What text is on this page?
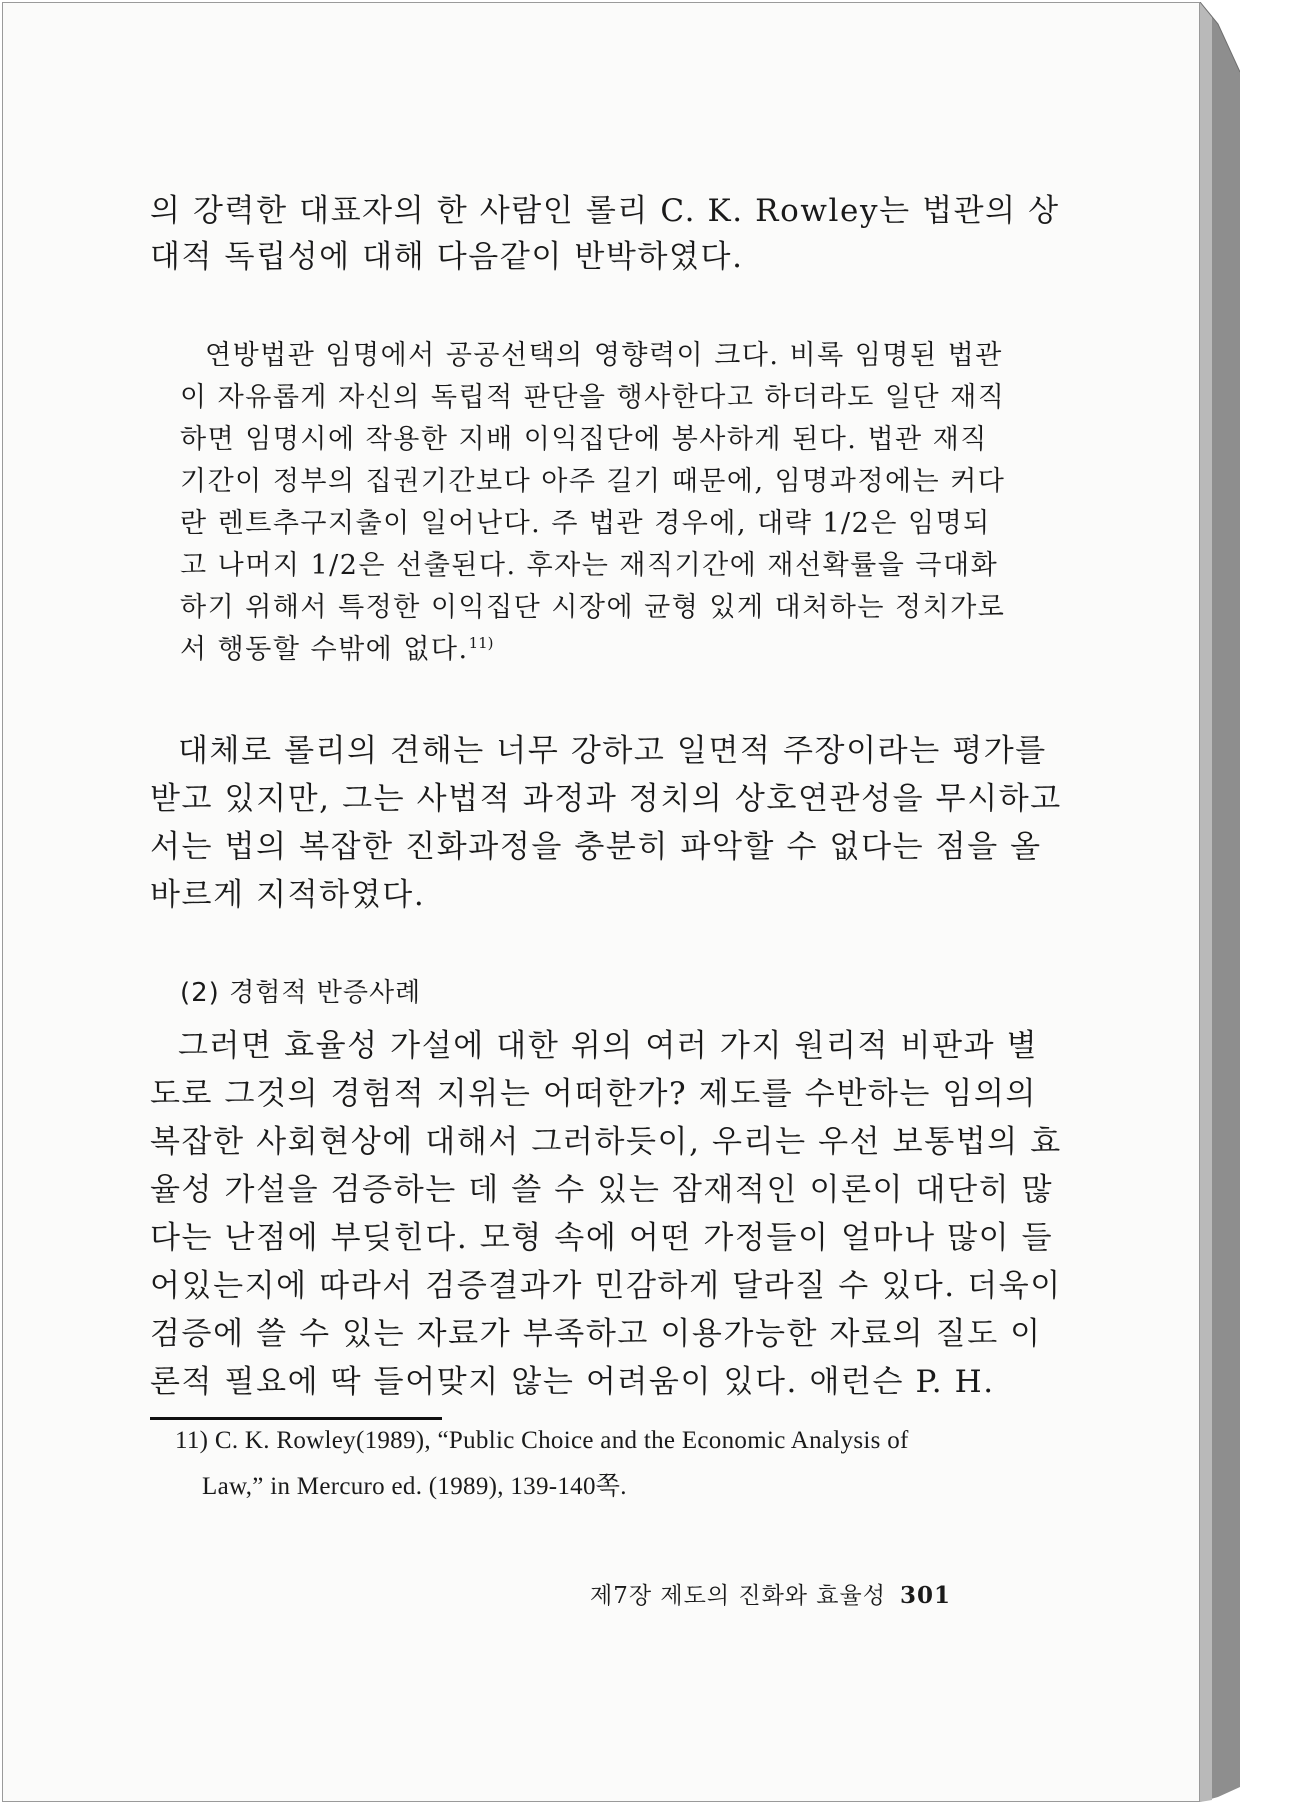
의 강력한 대표자의 한 사람인 롤리 C. K. Rowley는 법관의 상

대적 독립성에 대해 다음같이 반박하였다.

연방법관 임명에서 공공선택의 영향력이 크다. 비록 임명된 법관

이 자유롭게 자신의 독립적 판단을 행사한다고 하더라도 일단 재직

하면 임명시에 작용한 지배 이익집단에 봉사하게 된다. 법관 재직

기간이 정부의 집권기간보다 아주 길기 때문에, 임명과정에는 커다

란 렌트추구지출이 일어난다. 주 법관 경우에, 대략 1/2은 임명되

고 나머지 1/2은 선출된다. 후자는 재직기간에 재선확률을 극대화

하기 위해서 특정한 이익집단 시장에 균형 있게 대처하는 정치가로

서 행동할 수밖에 없다.$^{11)}$

대체로 롤리의 견해는 너무 강하고 일면적 주장이라는 평가를

받고 있지만, 그는 사법적 과정과 정치의 상호연관성을 무시하고

서는 법의 복잡한 진화과정을 충분히 파악할 수 없다는 점을 올

바르게 지적하였다.

(2) 경험적 반증사례

그러면 효율성 가설에 대한 위의 여러 가지 원리적 비판과 별

도로 그것의 경험적 지위는 어떠한가? 제도를 수반하는 임의의

복잡한 사회현상에 대해서 그러하듯이, 우리는 우선 보통법의 효

율성 가설을 검증하는 데 쓸 수 있는 잠재적인 이론이 대단히 많

다는 난점에 부딪힌다. 모형 속에 어떤 가정들이 얼마나 많이 들

어있는지에 따라서 검증결과가 민감하게 달라질 수 있다. 더욱이

검증에 쓸 수 있는 자료가 부족하고 이용가능한 자료의 질도 이

론적 필요에 딱 들어맞지 않는 어려움이 있다. 애런슨 P. H.

11) C. K. Rowley(1989), “Public Choice and the Economic Analysis of

Law,” in Mercuro ed. (1989), 139-140쪽.

제7장 제도의 진화와 효율성 301
